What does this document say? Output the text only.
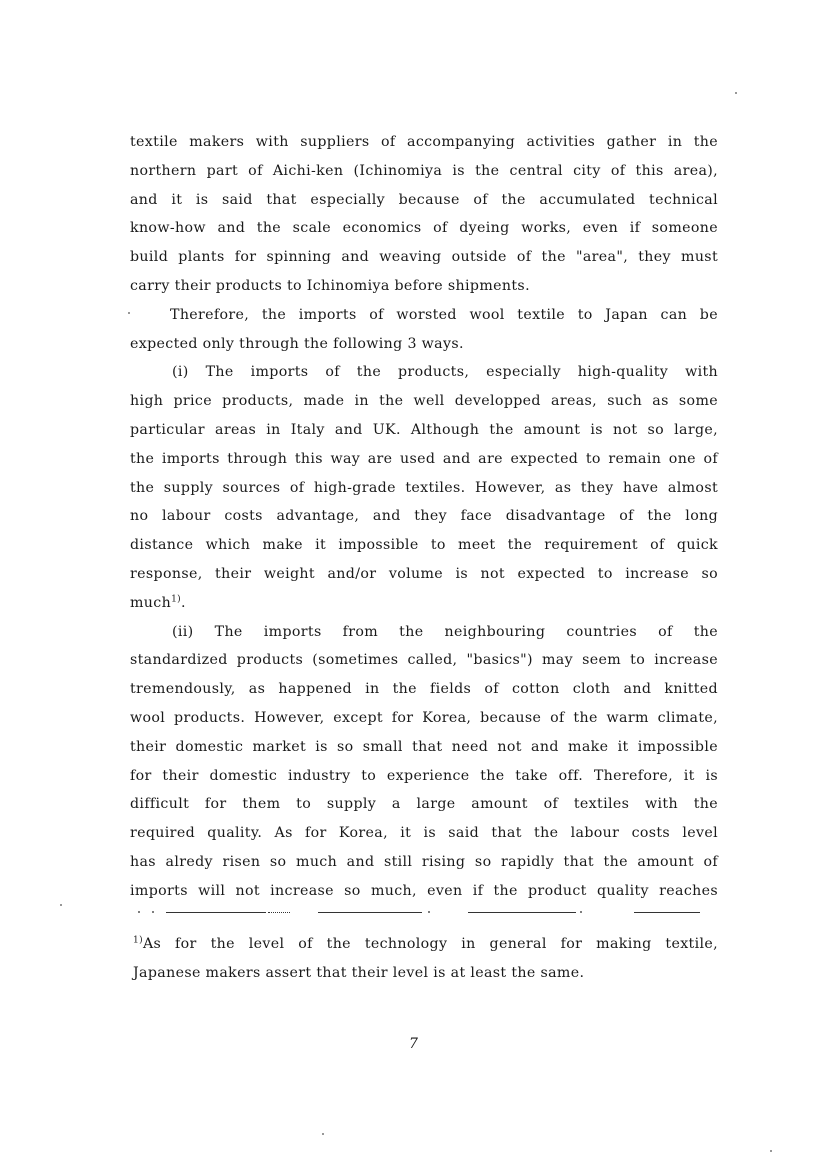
textile makers with suppliers of accompanying activities gather in the
northern part of Aichi-ken (Ichinomiya is the central city of this area),
and it is said that especially because of the accumulated technical
know-how and the scale economics of dyeing works, even if someone
build plants for spinning and weaving outside of the "area", they must
carry their products to Ichinomiya before shipments.
Therefore, the imports of worsted wool textile to Japan can be
expected only through the following 3 ways.
(i) The imports of the products, especially high-quality with
high price products, made in the well developped areas, such as some
particular areas in Italy and UK. Although the amount is not so large,
the imports through this way are used and are expected to remain one of
the supply sources of high-grade textiles. However, as they have almost
no labour costs advantage, and they face disadvantage of the long
distance which make it impossible to meet the requirement of quick
response, their weight and/or volume is not expected to increase so
much$^{1)}$.
(ii) The imports from the neighbouring countries of the
standardized products (sometimes called, "basics") may seem to increase
tremendously, as happened in the fields of cotton cloth and knitted
wool products. However, except for Korea, because of the warm climate,
their domestic market is so small that need not and make it impossible
for their domestic industry to experience the take off. Therefore, it is
difficult for them to supply a large amount of textiles with the
required quality. As for Korea, it is said that the labour costs level
has alredy risen so much and still rising so rapidly that the amount of
imports will not increase so much, even if the product quality reaches
$^{1)}$As for the level of the technology in general for making textile,
Japanese makers assert that their level is at least the same.
7
